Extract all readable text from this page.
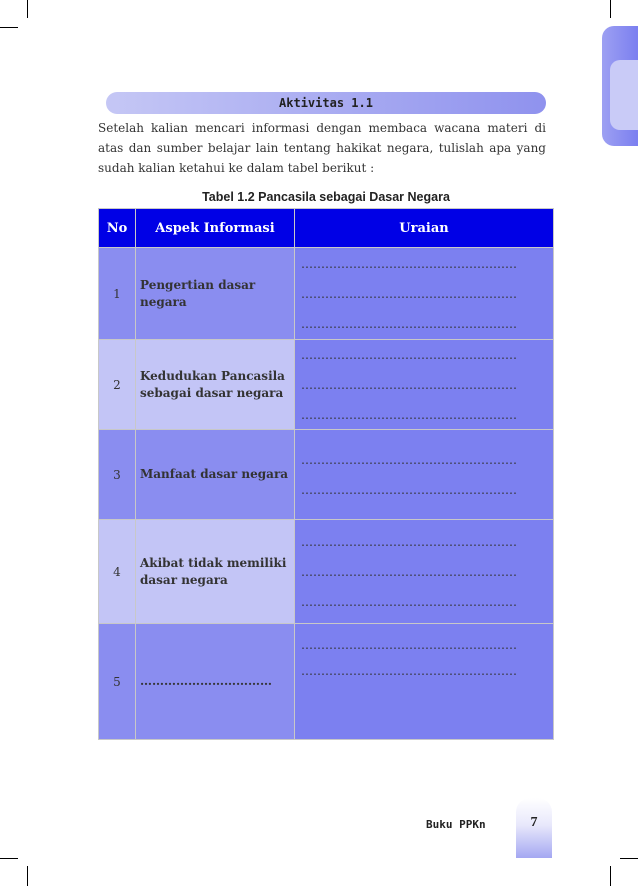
Aktivitas 1.1
Setelah kalian mencari informasi dengan membaca wacana materi di atas dan sumber belajar lain tentang hakikat negara, tulislah apa yang sudah kalian ketahui ke dalam tabel berikut :
Tabel 1.2 Pancasila sebagai Dasar Negara
No	Aspek Informasi	Uraian
1	Pengertian dasar negara	………………………………………………
………………………………………………
………………………………………………

2	Kedudukan Pancasila sebagai dasar negara	………………………………………………
………………………………………………
………………………………………………

3	Manfaat dasar negara	………………………………………………
………………………………………………

4	Akibat tidak memiliki dasar negara	………………………………………………
………………………………………………
………………………………………………

5	……………………………	………………………………………………
………………………………………………
Buku PPKn	7
